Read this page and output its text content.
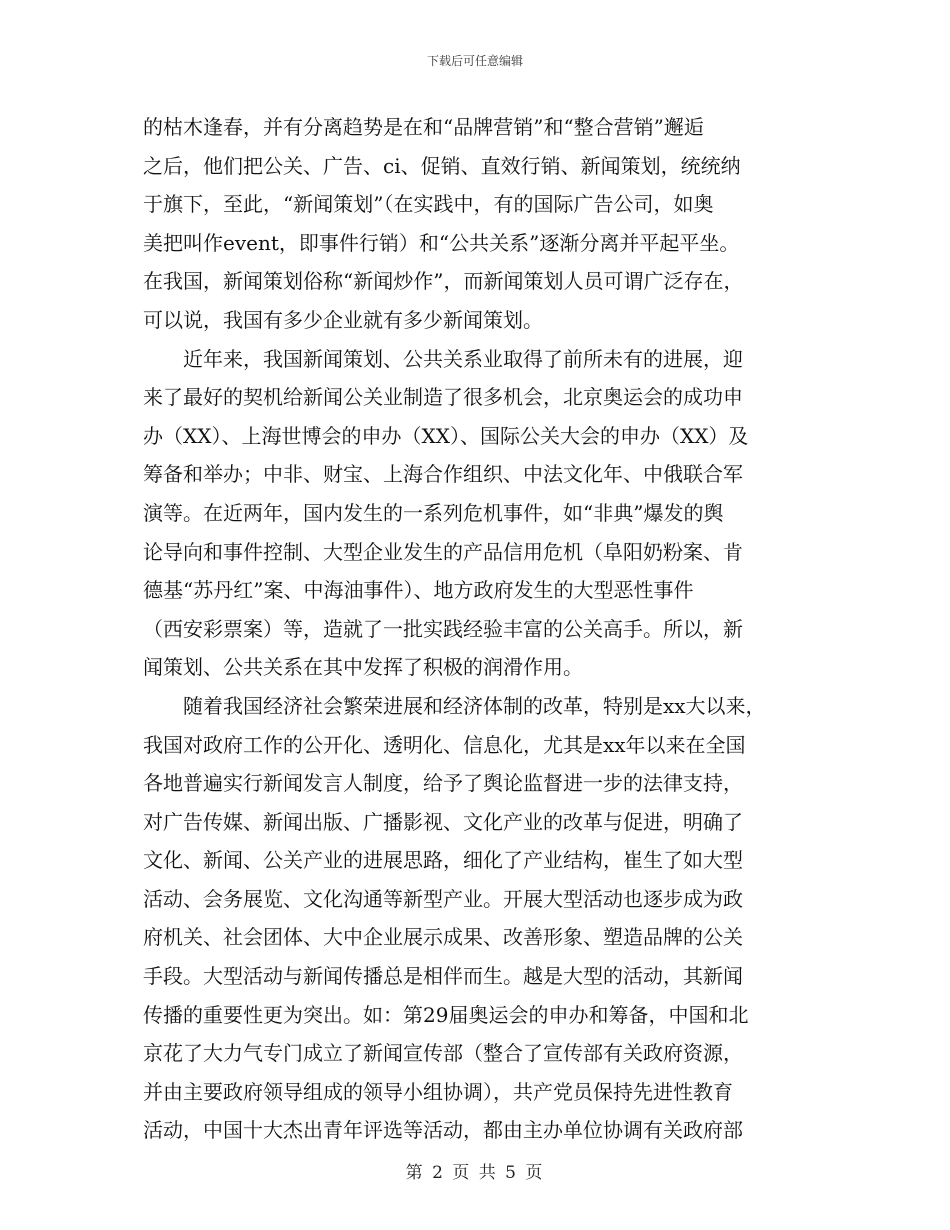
下载后可任意编辑
的枯木逢春，并有分离趋势是在和“品牌营销”和“整合营销”邂逅
之后，他们把公关、广告、ci、促销、直效行销、新闻策划，统统纳
于旗下，至此，“新闻策划”（在实践中，有的国际广告公司，如奥
美把叫作event，即事件行销）和“公共关系”逐渐分离并平起平坐。
在我国，新闻策划俗称“新闻炒作”，而新闻策划人员可谓广泛存在，
可以说，我国有多少企业就有多少新闻策划。
　　近年来，我国新闻策划、公共关系业取得了前所未有的进展，迎
来了最好的契机给新闻公关业制造了很多机会，北京奥运会的成功申
办（XX）、上海世博会的申办（XX）、国际公关大会的申办（XX）及
筹备和举办；中非、财宝、上海合作组织、中法文化年、中俄联合军
演等。在近两年，国内发生的一系列危机事件，如“非典”爆发的舆
论导向和事件控制、大型企业发生的产品信用危机（阜阳奶粉案、肯
德基“苏丹红”案、中海油事件）、地方政府发生的大型恶性事件
（西安彩票案）等，造就了一批实践经验丰富的公关高手。所以，新
闻策划、公共关系在其中发挥了积极的润滑作用。
　　随着我国经济社会繁荣进展和经济体制的改革，特别是xx大以来，
我国对政府工作的公开化、透明化、信息化，尤其是xx年以来在全国
各地普遍实行新闻发言人制度，给予了舆论监督进一步的法律支持，
对广告传媒、新闻出版、广播影视、文化产业的改革与促进，明确了
文化、新闻、公关产业的进展思路，细化了产业结构，崔生了如大型
活动、会务展览、文化沟通等新型产业。开展大型活动也逐步成为政
府机关、社会团体、大中企业展示成果、改善形象、塑造品牌的公关
手段。大型活动与新闻传播总是相伴而生。越是大型的活动，其新闻
传播的重要性更为突出。如：第29届奥运会的申办和筹备，中国和北
京花了大力气专门成立了新闻宣传部（整合了宣传部有关政府资源，
并由主要政府领导组成的领导小组协调），共产党员保持先进性教育
活动，中国十大杰出青年评选等活动，都由主办单位协调有关政府部
第 2 页 共 5 页
